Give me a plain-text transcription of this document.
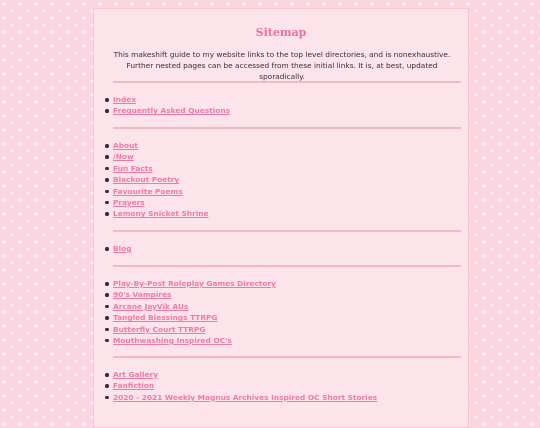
Sitemap
This makeshift guide to my website links to the top level directories, and is nonexhaustive. Further nested pages can be accessed from these initial links. It is, at best, updated sporadically.
Index
Frequently Asked Questions
About
/Now
Fun Facts
Blackout Poetry
Favourite Poems
Prayers
Lemony Snicket Shrine
Blog
Play-By-Post Roleplay Games Directory
90's Vampires
Arcane JayVik AUs
Tangled Blessings TTRPG
Butterfly Court TTRPG
Mouthwashing Inspired OC's
Art Gallery
Fanfiction
2020 - 2021 Weekly Magnus Archives Inspired OC Short Stories
